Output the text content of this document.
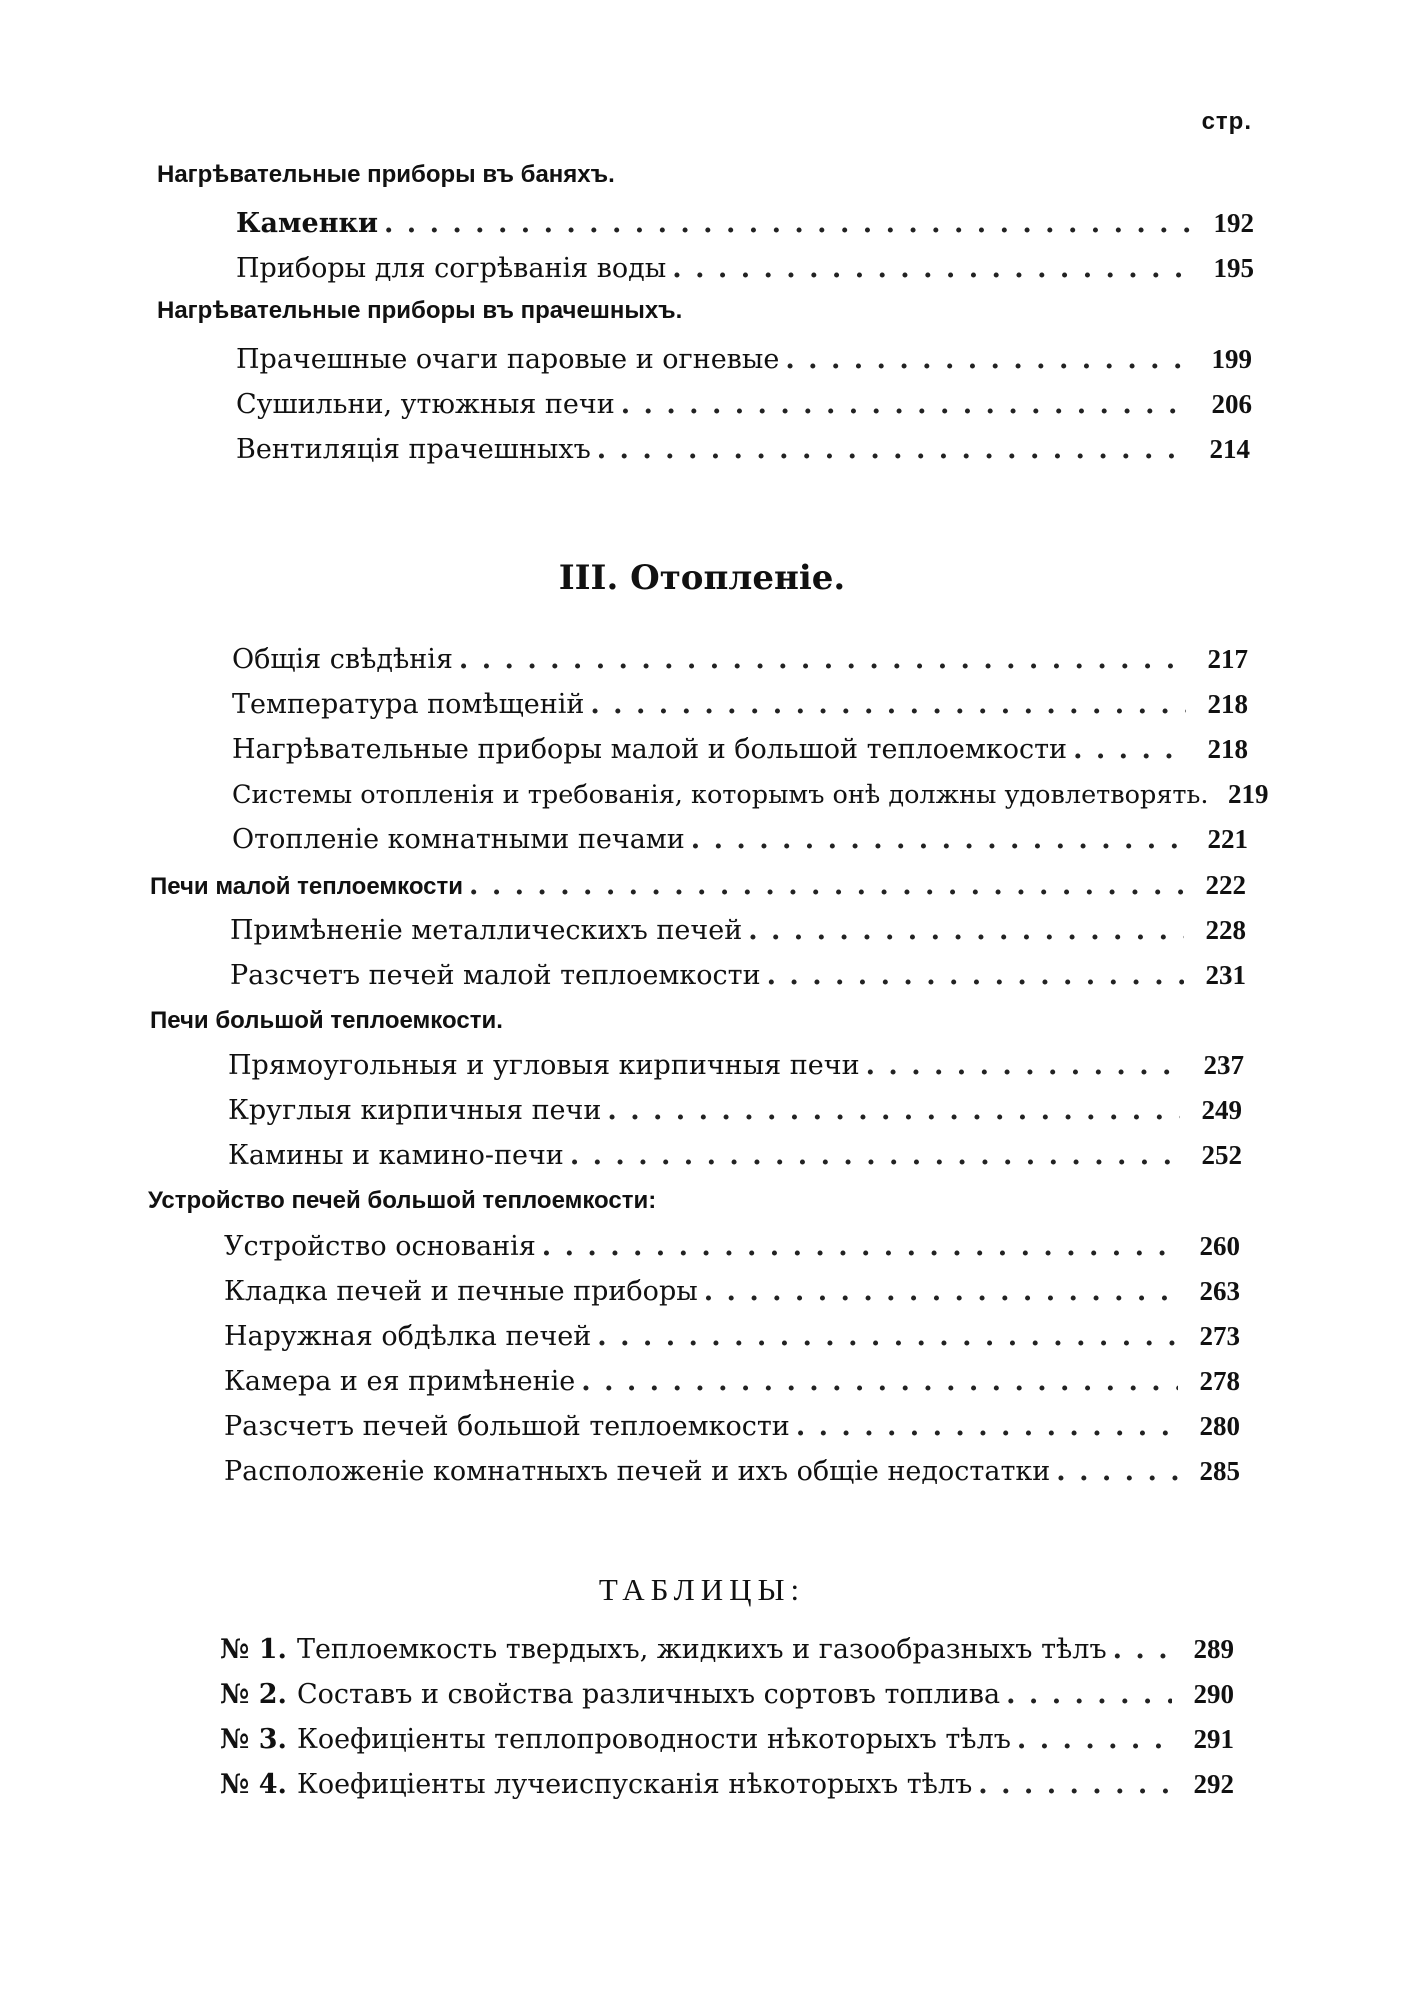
стр.
Нагрѣвательные приборы въ баняхъ.
Каменки . . .	192
Приборы для согрѣванія воды . . .	195
Нагрѣвательные приборы въ прачешныхъ.
Прачешные очаги паровые и огневые . . .	199
Сушильни, утюжныя печи . . .	206
Вентиляція прачешныхъ . . .	214
III. Отопленіе.
Общія свѣдѣнія . . .	217
Температура помѣщеній . . .	218
Нагрѣвательные приборы малой и большой теплоемкости . . .	218
Системы отопленія и требованія, которымъ онѣ должны удовлетворять. 219
Отопленіе комнатными печами . . .	221
Печи малой теплоемкости . . .	222
Примѣненіе металлическихъ печей . . .	228
Разсчетъ печей малой теплоемкости . . .	231
Печи большой теплоемкости.
Прямоугольныя и угловыя кирпичныя печи . . .	237
Круглыя кирпичныя печи . . .	249
Камины и камино-печи . . .	252
Устройство печей большой теплоемкости:
Устройство основанія . . .	260
Кладка печей и печные приборы . . .	263
Наружная обдѣлка печей . . .	273
Камера и ея примѣненіе . . .	278
Разсчетъ печей большой теплоемкости . . .	280
Расположеніе комнатныхъ печей и ихъ общіе недостатки . . .	285
ТАБЛИЦЫ:
№ 1. Теплоемкость твердыхъ, жидкихъ и газообразныхъ тѣлъ . . .	289
№ 2. Составъ и свойства различныхъ сортовъ топлива . . .	290
№ 3. Коефиціенты теплопроводности нѣкоторыхъ тѣлъ . . .	291
№ 4. Коефиціенты лучеиспусканія нѣкоторыхъ тѣлъ . . .	292
